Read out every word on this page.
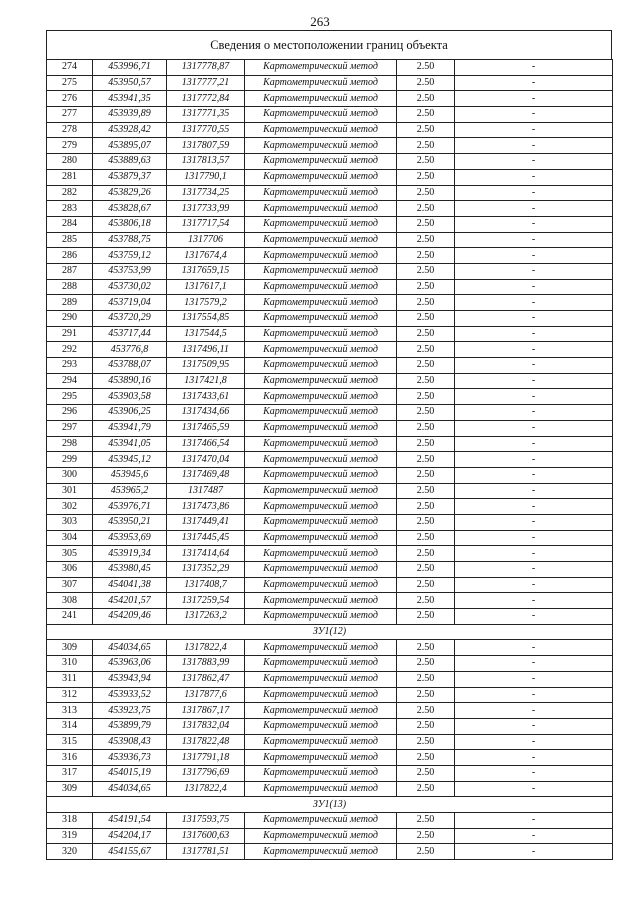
263
Сведения о местоположении границ объекта
274	453996,71	1317778,87	Картометрический метод	2.50	-
275	453950,57	1317777,21	Картометрический метод	2.50	-
276	453941,35	1317772,84	Картометрический метод	2.50	-
277	453939,89	1317771,35	Картометрический метод	2.50	-
278	453928,42	1317770,55	Картометрический метод	2.50	-
279	453895,07	1317807,59	Картометрический метод	2.50	-
280	453889,63	1317813,57	Картометрический метод	2.50	-
281	453879,37	1317790,1	Картометрический метод	2.50	-
282	453829,26	1317734,25	Картометрический метод	2.50	-
283	453828,67	1317733,99	Картометрический метод	2.50	-
284	453806,18	1317717,54	Картометрический метод	2.50	-
285	453788,75	1317706	Картометрический метод	2.50	-
286	453759,12	1317674,4	Картометрический метод	2.50	-
287	453753,99	1317659,15	Картометрический метод	2.50	-
288	453730,02	1317617,1	Картометрический метод	2.50	-
289	453719,04	1317579,2	Картометрический метод	2.50	-
290	453720,29	1317554,85	Картометрический метод	2.50	-
291	453717,44	1317544,5	Картометрический метод	2.50	-
292	453776,8	1317496,11	Картометрический метод	2.50	-
293	453788,07	1317509,95	Картометрический метод	2.50	-
294	453890,16	1317421,8	Картометрический метод	2.50	-
295	453903,58	1317433,61	Картометрический метод	2.50	-
296	453906,25	1317434,66	Картометрический метод	2.50	-
297	453941,79	1317465,59	Картометрический метод	2.50	-
298	453941,05	1317466,54	Картометрический метод	2.50	-
299	453945,12	1317470,04	Картометрический метод	2.50	-
300	453945,6	1317469,48	Картометрический метод	2.50	-
301	453965,2	1317487	Картометрический метод	2.50	-
302	453976,71	1317473,86	Картометрический метод	2.50	-
303	453950,21	1317449,41	Картометрический метод	2.50	-
304	453953,69	1317445,45	Картометрический метод	2.50	-
305	453919,34	1317414,64	Картометрический метод	2.50	-
306	453980,45	1317352,29	Картометрический метод	2.50	-
307	454041,38	1317408,7	Картометрический метод	2.50	-
308	454201,57	1317259,54	Картометрический метод	2.50	-
241	454209,46	1317263,2	Картометрический метод	2.50	-
ЗУ1(12)					
309	454034,65	1317822,4	Картометрический метод	2.50	-
310	453963,06	1317883,99	Картометрический метод	2.50	-
311	453943,94	1317862,47	Картометрический метод	2.50	-
312	453933,52	1317877,6	Картометрический метод	2.50	-
313	453923,75	1317867,17	Картометрический метод	2.50	-
314	453899,79	1317832,04	Картометрический метод	2.50	-
315	453908,43	1317822,48	Картометрический метод	2.50	-
316	453936,73	1317791,18	Картометрический метод	2.50	-
317	454015,19	1317796,69	Картометрический метод	2.50	-
309	454034,65	1317822,4	Картометрический метод	2.50	-
ЗУ1(13)					
318	454191,54	1317593,75	Картометрический метод	2.50	-
319	454204,17	1317600,63	Картометрический метод	2.50	-
320	454155,67	1317781,51	Картометрический метод	2.50	-
